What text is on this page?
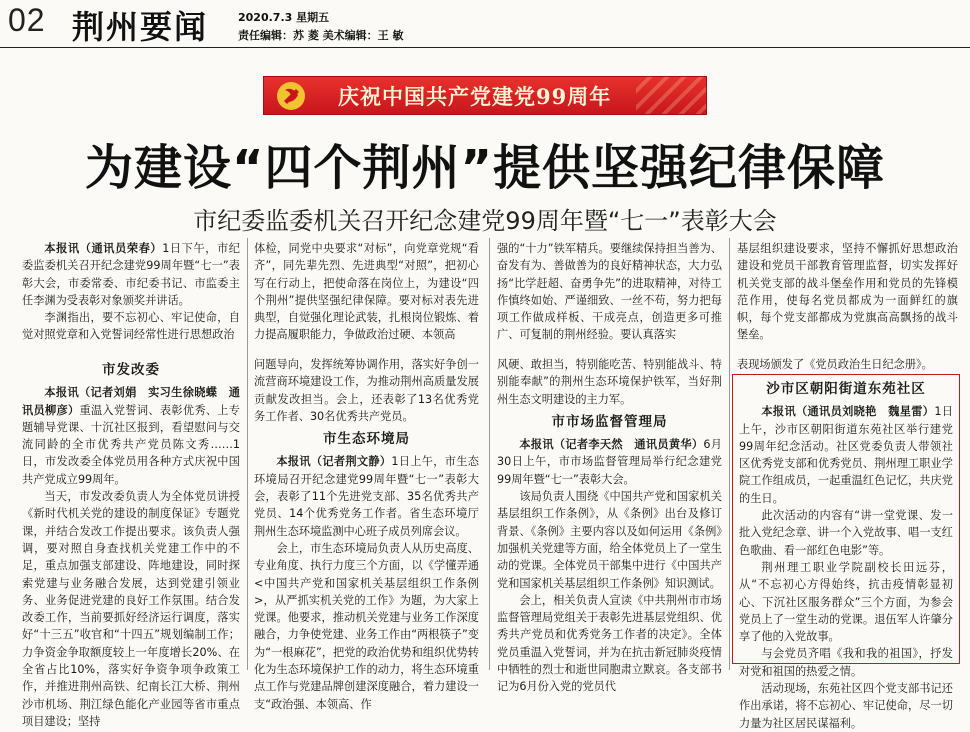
02 荆州要闻	2020.7.3 星期五
责任编辑：苏 菱 美术编辑：王 敏
庆祝中国共产党建党99周年
为建设“四个荆州”提供坚强纪律保障
市纪委监委机关召开纪念建党99周年暨“七一”表彰大会

本报讯（通讯员荣春）1日下午，市纪委监委机关召开纪念建党99周年暨“七一”表彰大会，市委常委、市纪委书记、市监委主任李渊为受表彰对象颁奖并讲话。

李渊指出，要不忘初心、牢记使命，自觉对照党章和入党誓词经常性进行思想政治

体检，同党中央要求“对标”，向党章党规“看齐”，同先辈先烈、先进典型“对照”，把初心写在行动上，把使命落在岗位上，为建设“四个荆州”提供坚强纪律保障。要对标对表先进典型，自觉强化理论武装，扎根岗位锻炼、着力提高履职能力，争做政治过硬、本领高

强的“十力”铁军精兵。要继续保持担当善为、奋发有为、善做善为的良好精神状态，大力弘扬“比学赶超、奋勇争先”的进取精神，对待工作慎终如始、严谨细致、一丝不苟，努力把每项工作做成样板、干成亮点，创造更多可推广、可复制的荆州经验。要认真落实

基层组织建设要求，坚持不懈抓好思想政治建设和党员干部教育管理监督，切实发挥好机关党支部的战斗堡垒作用和党员的先锋模范作用，使每名党员都成为一面鲜红的旗帜，每个党支部都成为党旗高高飘扬的战斗堡垒。

市发改委

本报讯（记者刘娟　实习生徐晓蝶　通讯员柳彦）重温入党誓词、表彰优秀、上专题辅导党课、十沉社区报到，看望慰问与交流同龄的全市优秀共产党员陈文秀……1日，市发改委全体党员用各种方式庆祝中国共产党成立99周年。

当天，市发改委负责人为全体党员讲授《新时代机关党的建设的制度保证》专题党课，并结合发改工作提出要求。该负责人强调，要对照自身查找机关党建工作中的不足，重点加强支部建设、阵地建设，同时探索党建与业务融合发展，达到党建引领业务、业务促进党建的良好工作氛围。结合发改委工作，当前要抓好经济运行调度，落实好“十三五”收官和“十四五”规划编制工作；力争资金争取额度较上一年度增长20%、在全省占比10%，落实好争资争项争政策工作，并推进荆州高铁、纪南长江大桥、荆州沙市机场、荆江绿色能化产业园等省市重点项目建设；坚持

问题导向，发挥统筹协调作用，落实好争创一流营商环境建设工作，为推动荆州高质量发展贡献发改担当。会上，还表彰了13名优秀党务工作者、30名优秀共产党员。

市生态环境局

本报讯（记者荆文静）1日上午，市生态环境局召开纪念建党99周年暨“七一”表彰大会，表彰了11个先进党支部、35名优秀共产党员、14个优秀党务工作者。省生态环境厅荆州生态环境监测中心班子成员列席会议。

会上，市生态环境局负责人从历史高度、专业角度、执行力度三个方面，以《学懂弄通<中国共产党和国家机关基层组织工作条例>，从严抓实机关党的工作》为题，为大家上党课。他要求，推动机关党建与业务工作深度融合，力争使党建、业务工作由“两根筷子”变为“一根麻花”，把党的政治优势和组织优势转化为生态环境保护工作的动力，将生态环境重点工作与党建品牌创建深度融合，着力建设一支“政治强、本领高、作

风硬、敢担当，特别能吃苦、特别能战斗、特别能奉献”的荆州生态环境保护铁军，当好荆州生态文明建设的主力军。

市市场监督管理局

本报讯（记者李天然　通讯员黄华）6月30日上午，市市场监督管理局举行纪念建党99周年暨“七一”表彰大会。

该局负责人围绕《中国共产党和国家机关基层组织工作条例》，从《条例》出台及修订背景、《条例》主要内容以及如何运用《条例》加强机关党建等方面，给全体党员上了一堂生动的党课。全体党员干部集中进行《中国共产党和国家机关基层组织工作条例》知识测试。

会上，相关负责人宣读《中共荆州市市场监督管理局党组关于表彰先进基层党组织、优秀共产党员和优秀党务工作者的决定》。全体党员重温入党誓词，并为在抗击新冠肺炎疫情中牺牲的烈士和逝世同胞肃立默哀。各支部书记为6月份入党的党员代

表现场颁发了《党员政治生日纪念册》。

沙市区朝阳街道东苑社区

本报讯（通讯员刘晓艳　魏星雷）1日上午，沙市区朝阳街道东苑社区举行建党99周年纪念活动。社区党委负责人带领社区优秀党支部和优秀党员、荆州理工职业学院工作组成员，一起重温红色记忆，共庆党的生日。

此次活动的内容有“讲一堂党课、发一批入党纪念章、讲一个入党故事、唱一支红色歌曲、看一部红色电影”等。

荆州理工职业学院副校长田远芬，从“不忘初心方得始终，抗击疫情彰显初心、下沉社区服务群众”三个方面，为参会党员上了一堂生动的党课。退伍军人许肇分享了他的入党故事。

与会党员齐唱《我和我的祖国》，抒发对党和祖国的热爱之情。

活动现场，东苑社区四个党支部书记还作出承诺，将不忘初心、牢记使命，尽一切力量为社区居民谋福利。
